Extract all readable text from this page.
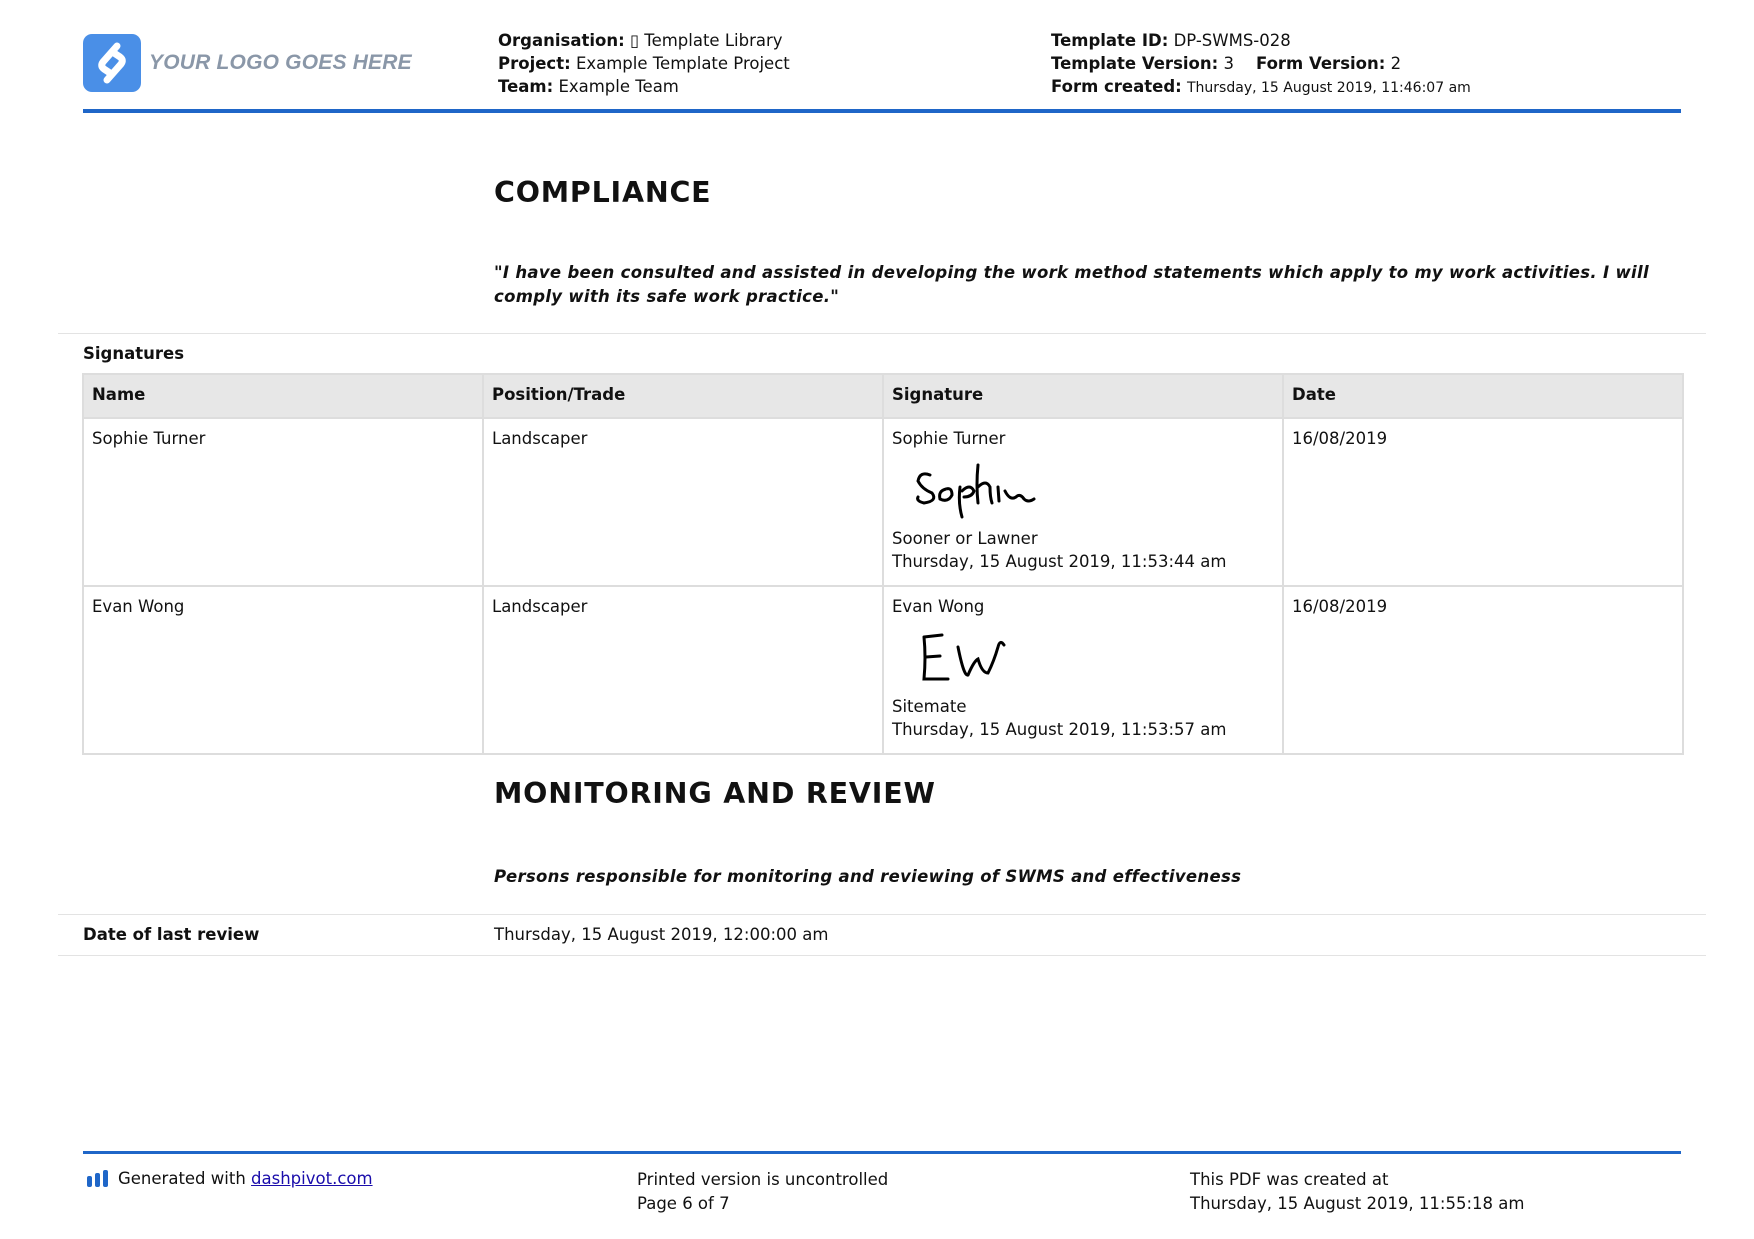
YOUR LOGO GOES HERE
Organisation: ▯ Template Library
Project: Example Template Project
Team: Example Team
Template ID: DP-SWMS-028
Template Version: 3 Form Version: 2
Form created: Thursday, 15 August 2019, 11:46:07 am
COMPLIANCE
"I have been consulted and assisted in developing the work method statements which apply to my work activities. I will comply with its safe work practice."
Signatures
Name	Position/Trade	Signature	Date
Sophie Turner	Landscaper	Sophie Turner
Sooner or Lawner
Thursday, 15 August 2019, 11:53:44 am	16/08/2019
Evan Wong	Landscaper	Evan Wong
Sitemate
Thursday, 15 August 2019, 11:53:57 am	16/08/2019
MONITORING AND REVIEW
Persons responsible for monitoring and reviewing of SWMS and effectiveness
Date of last review	Thursday, 15 August 2019, 12:00:00 am
Generated with dashpivot.com	Printed version is uncontrolled
Page 6 of 7
This PDF was created at
Thursday, 15 August 2019, 11:55:18 am
